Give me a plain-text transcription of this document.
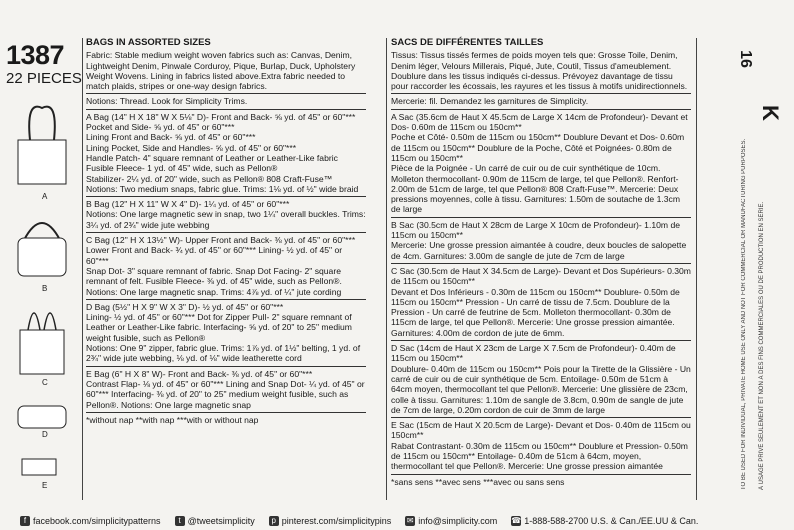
1387
22 PIECES
A
B
C
D
E

BAGS IN ASSORTED SIZES

Fabric: Stable medium weight woven fabrics such as: Canvas, Denim, Lightweight Denim, Pinwale Corduroy, Pique, Burlap, Duck, Upholstery Weight Wovens. Lining in fabrics listed above.Extra fabric needed to match plaids, stripes or one-way design fabrics.

Notions: Thread. Look for Simplicity Trims.

A Bag (14" H X 18" W X 5⅛" D)- Front and Back- ⅝ yd. of 45" or 60"***

Pocket and Side- ⅝ yd. of 45" or 60"***

Lining Front and Back- ⅝ yd. of 45" or 60"***

Lining Pocket, Side and Handles- ⅝ yd. of 45" or 60"***

Handle Patch- 4" square remnant of Leather or Leather-Like fabric

Fusible Fleece- 1 yd. of 45" wide, such as Pellon®

Stabilizer- 2¼ yd. of 20" wide, such as Pellon® 808 Craft-Fuse™

Notions: Two medium snaps, fabric glue. Trims: 1⅛ yd. of ½" wide braid

B Bag (12" H X 11" W X 4" D)- 1¼ yd. of 45" or 60"***

Notions: One large magnetic sew in snap, two 1¼" overall buckles. Trims: 3¼ yd. of 2¾" wide jute webbing

C Bag (12" H X 13½" W)- Upper Front and Back- ⅜ yd. of 45" or 60"***

Lower Front and Back- ¾ yd. of 45" or 60"*** Lining- ½ yd. of 45" or 60"***

Snap Dot- 3" square remnant of fabric. Snap Dot Facing- 2" square remnant of felt. Fusible Fleece- ⅜ yd. of 45" wide, such as Pellon®. Notions: One large magnetic snap. Trims: 4⅞ yd. of ¼" jute cording

D Bag (5½" H X 9" W X 3" D)- ½ yd. of 45" or 60"***

Lining- ½ yd. of 45" or 60"*** Dot for Zipper Pull- 2" square remnant of Leather or Leather-Like fabric. Interfacing- ⅝ yd. of 20" to 25" medium weight fusible, such as Pellon®

Notions: One 9" zipper, fabric glue. Trims: 1⅞ yd. of 1½" belting, 1 yd. of 2¾" wide jute webbing, ⅛ yd. of ⅛" wide leatherette cord

E Bag (6" H X 8" W)- Front and Back- ⅜ yd. of 45" or 60"***

Contrast Flap- ⅛ yd. of 45" or 60"*** Lining and Snap Dot- ¼ yd. of 45" or 60"*** Interfacing- ⅜ yd. of 20" to 25" medium weight fusible, such as Pellon®. Notions: One large magnetic snap

*without nap **with nap ***with or without nap

SACS DE DIFFÉRENTES TAILLES

Tissus: Tissus tissés fermes de poids moyen tels que: Grosse Toile, Denim, Denim léger, Velours Millerais, Piqué, Jute, Coutil, Tissus d'ameublement. Doublure dans les tissus indiqués ci-dessus. Prévoyez davantage de tissu pour raccorder les écossais, les rayures et les tissus à motifs unidirectionnels.

Mercerie: fil. Demandez les garnitures de Simplicity.

A Sac (35.6cm de Haut X 45.5cm de Large X 14cm de Profondeur)- Devant et Dos- 0.60m de 115cm ou 150cm**

Poche et Côté- 0.50m de 115cm ou 150cm** Doublure Devant et Dos- 0.60m de 115cm ou 150cm** Doublure de la Poche, Côté et Poignées- 0.80m de 115cm ou 150cm**

Pièce de la Poignée - Un carré de cuir ou de cuir synthétique de 10cm. Molleton thermocollant- 0.90m de 115cm de large, tel que Pellon®. Renfort- 2.00m de 51cm de large, tel que Pellon® 808 Craft-Fuse™. Mercerie: Deux pressions moyennes, colle à tissu. Garnitures: 1.50m de soutache de 1.3cm de large

B Sac (30.5cm de Haut X 28cm de Large X 10cm de Profondeur)- 1.10m de 115cm ou 150cm**

Mercerie: Une grosse pression aimantée à coudre, deux boucles de salopette de 4cm. Garnitures: 3.00m de sangle de jute de 7cm de large

C Sac (30.5cm de Haut X 34.5cm de Large)- Devant et Dos Supérieurs- 0.30m de 115cm ou 150cm**

Devant et Dos Inférieurs - 0.30m de 115cm ou 150cm** Doublure- 0.50m de 115cm ou 150cm** Pression - Un carré de tissu de 7.5cm. Doublure de la Pression - Un carré de feutrine de 5cm. Molleton thermocollant- 0.30m de 115cm de large, tel que Pellon®. Mercerie: Une grosse pression aimantée. Garnitures: 4.00m de cordon de jute de 6mm.

D Sac (14cm de Haut X 23cm de Large X 7.5cm de Profondeur)- 0.40m de 115cm ou 150cm**

Doublure- 0.40m de 115cm ou 150cm** Pois pour la Tirette de la Glissière - Un carré de cuir ou de cuir synthétique de 5cm. Entoilage- 0.50m de 51cm à 64cm moyen, thermocollant tel que Pellon®. Mercerie: Une glissière de 23cm, colle à tissu. Garnitures: 1.10m de sangle de 3.8cm, 0.90m de sangle de jute de 7cm de large, 0.20m cordon de cuir de 3mm de large

E Sac (15cm de Haut X 20.5cm de Large)- Devant et Dos- 0.40m de 115cm ou 150cm**

Rabat Contrastant- 0.30m de 115cm ou 150cm** Doublure et Pression- 0.50m de 115cm ou 150cm** Entoilage- 0.40m de 51cm à 64cm, moyen, thermocollant tel que Pellon®. Mercerie: Une grosse pression aimantée

*sans sens **avec sens ***avec ou sans sens	TO BE USED FOR INDIVIDUAL, PRIVATE HOME USE ONLY AND NOT FOR COMMERCIAL OR MANUFACTURING PURPOSES. À USAGE PRIVÉ SEULEMENT ET NON À DES FINS COMMERCIALES OU DE PRODUCTION EN SÉRIE.
16
K
f facebook.com/simplicitypatterns	t @tweetsimplicity	p pinterest.com/simplicitypins ✉ info@simplicity.com ☎ 1-888-588-2700 U.S. & Can./EE.UU & Can.
